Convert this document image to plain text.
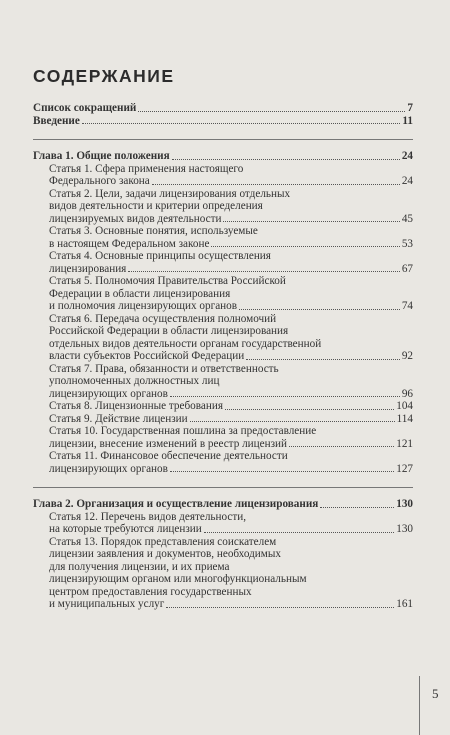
СОДЕРЖАНИЕ
Список сокращений	7
Введение	11
Глава 1. Общие положения	24
Статья 1. Сфера применения настоящего
Федерального закона	24
Статья 2. Цели, задачи лицензирования отдельных
видов деятельности и критерии определения
лицензируемых видов деятельности	45
Статья 3. Основные понятия, используемые
в настоящем Федеральном законе	53
Статья 4. Основные принципы осуществления
лицензирования	67
Статья 5. Полномочия Правительства Российской
Федерации в области лицензирования
и полномочия лицензирующих органов	74
Статья 6. Передача осуществления полномочий
Российской Федерации в области лицензирования
отдельных видов деятельности органам государственной
власти субъектов Российской Федерации	92
Статья 7. Права, обязанности и ответственность
уполномоченных должностных лиц
лицензирующих органов	96
Статья 8. Лицензионные требования	104
Статья 9. Действие лицензии	114
Статья 10. Государственная пошлина за предоставление
лицензии, внесение изменений в реестр лицензий	121
Статья 11. Финансовое обеспечение деятельности
лицензирующих органов	127
Глава 2. Организация и осуществление лицензирования	130
Статья 12. Перечень видов деятельности,
на которые требуются лицензии	130
Статья 13. Порядок представления соискателем
лицензии заявления и документов, необходимых
для получения лицензии, и их приема
лицензирующим органом или многофункциональным
центром предоставления государственных
и муниципальных услуг	161
5
